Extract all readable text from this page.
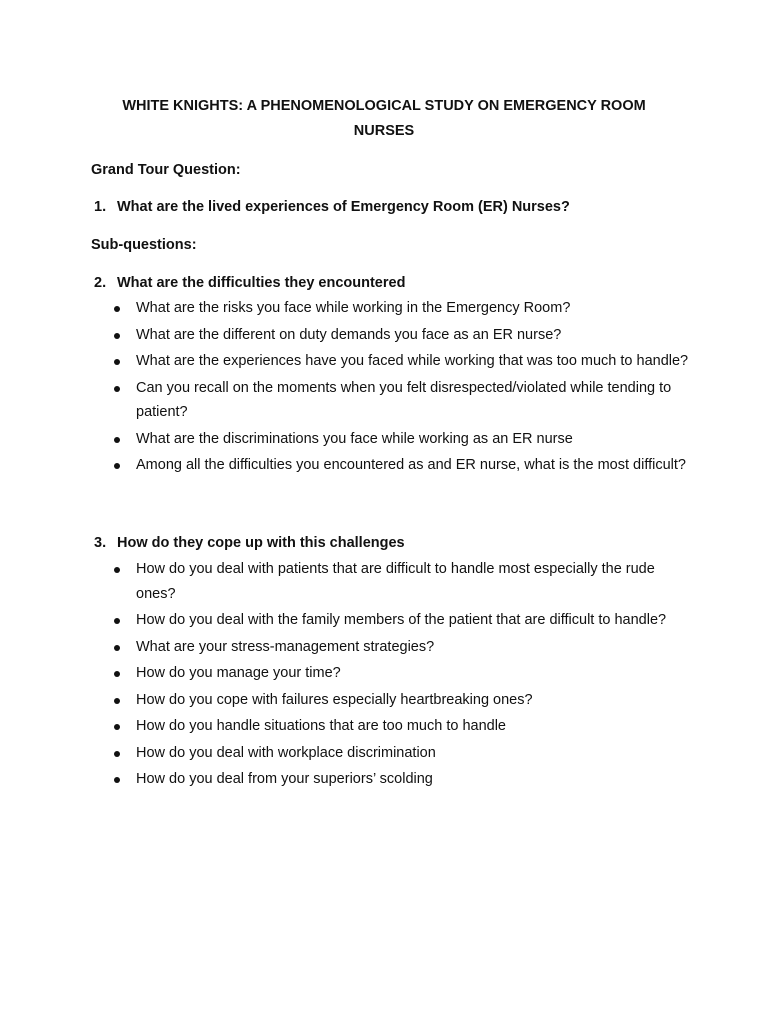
WHITE KNIGHTS: A PHENOMENOLOGICAL STUDY ON EMERGENCY ROOM
NURSES
Grand Tour Question:
1. What are the lived experiences of Emergency Room (ER) Nurses?
Sub-questions:
2. What are the difficulties they encountered
What are the risks you face while working in the Emergency Room?
What are the different on duty demands you face as an ER nurse?
What are the experiences have you faced while working that was too much to handle?
Can you recall on the moments when you felt disrespected/violated while tending to patient?
What are the discriminations you face while working as an ER nurse
Among all the difficulties you encountered as and ER nurse, what is the most difficult?
3. How do they cope up with this challenges
How do you deal with patients that are difficult to handle most especially the rude ones?
How do you deal with the family members of the patient that are difficult to handle?
What are your stress-management strategies?
How do you manage your time?
How do you cope with failures especially heartbreaking ones?
How do you handle situations that are too much to handle
How do you deal with workplace discrimination
How do you deal from your superiors’ scolding
